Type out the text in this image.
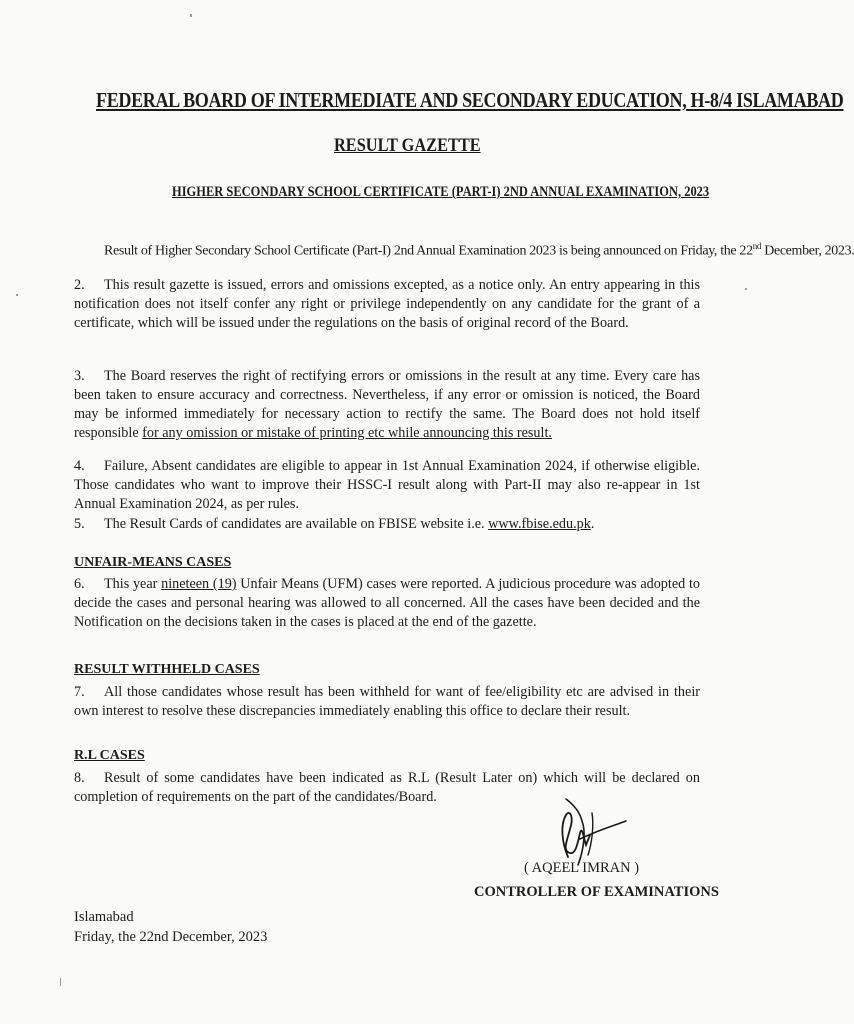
FEDERAL BOARD OF INTERMEDIATE AND SECONDARY EDUCATION, H-8/4 ISLAMABAD
RESULT GAZETTE
HIGHER SECONDARY SCHOOL CERTIFICATE (PART-I) 2ND ANNUAL EXAMINATION, 2023
Result of Higher Secondary School Certificate (Part-I) 2nd Annual Examination 2023 is being announced on Friday, the 22nd December, 2023.
2. This result gazette is issued, errors and omissions excepted, as a notice only. An entry appearing in this notification does not itself confer any right or privilege independently on any candidate for the grant of a certificate, which will be issued under the regulations on the basis of original record of the Board.
3. The Board reserves the right of rectifying errors or omissions in the result at any time. Every care has been taken to ensure accuracy and correctness. Nevertheless, if any error or omission is noticed, the Board may be informed immediately for necessary action to rectify the same. The Board does not hold itself responsible for any omission or mistake of printing etc while announcing this result.
4. Failure, Absent candidates are eligible to appear in 1st Annual Examination 2024, if otherwise eligible. Those candidates who want to improve their HSSC-I result along with Part-II may also re-appear in 1st Annual Examination 2024, as per rules.
5. The Result Cards of candidates are available on FBISE website i.e. www.fbise.edu.pk.
UNFAIR-MEANS CASES
6. This year nineteen (19) Unfair Means (UFM) cases were reported. A judicious procedure was adopted to decide the cases and personal hearing was allowed to all concerned. All the cases have been decided and the Notification on the decisions taken in the cases is placed at the end of the gazette.
RESULT WITHHELD CASES
7. All those candidates whose result has been withheld for want of fee/eligibility etc are advised in their own interest to resolve these discrepancies immediately enabling this office to declare their result.
R.L CASES
8. Result of some candidates have been indicated as R.L (Result Later on) which will be declared on completion of requirements on the part of the candidates/Board.
( AQEEL IMRAN )
CONTROLLER OF EXAMINATIONS
Islamabad
Friday, the 22nd December, 2023
